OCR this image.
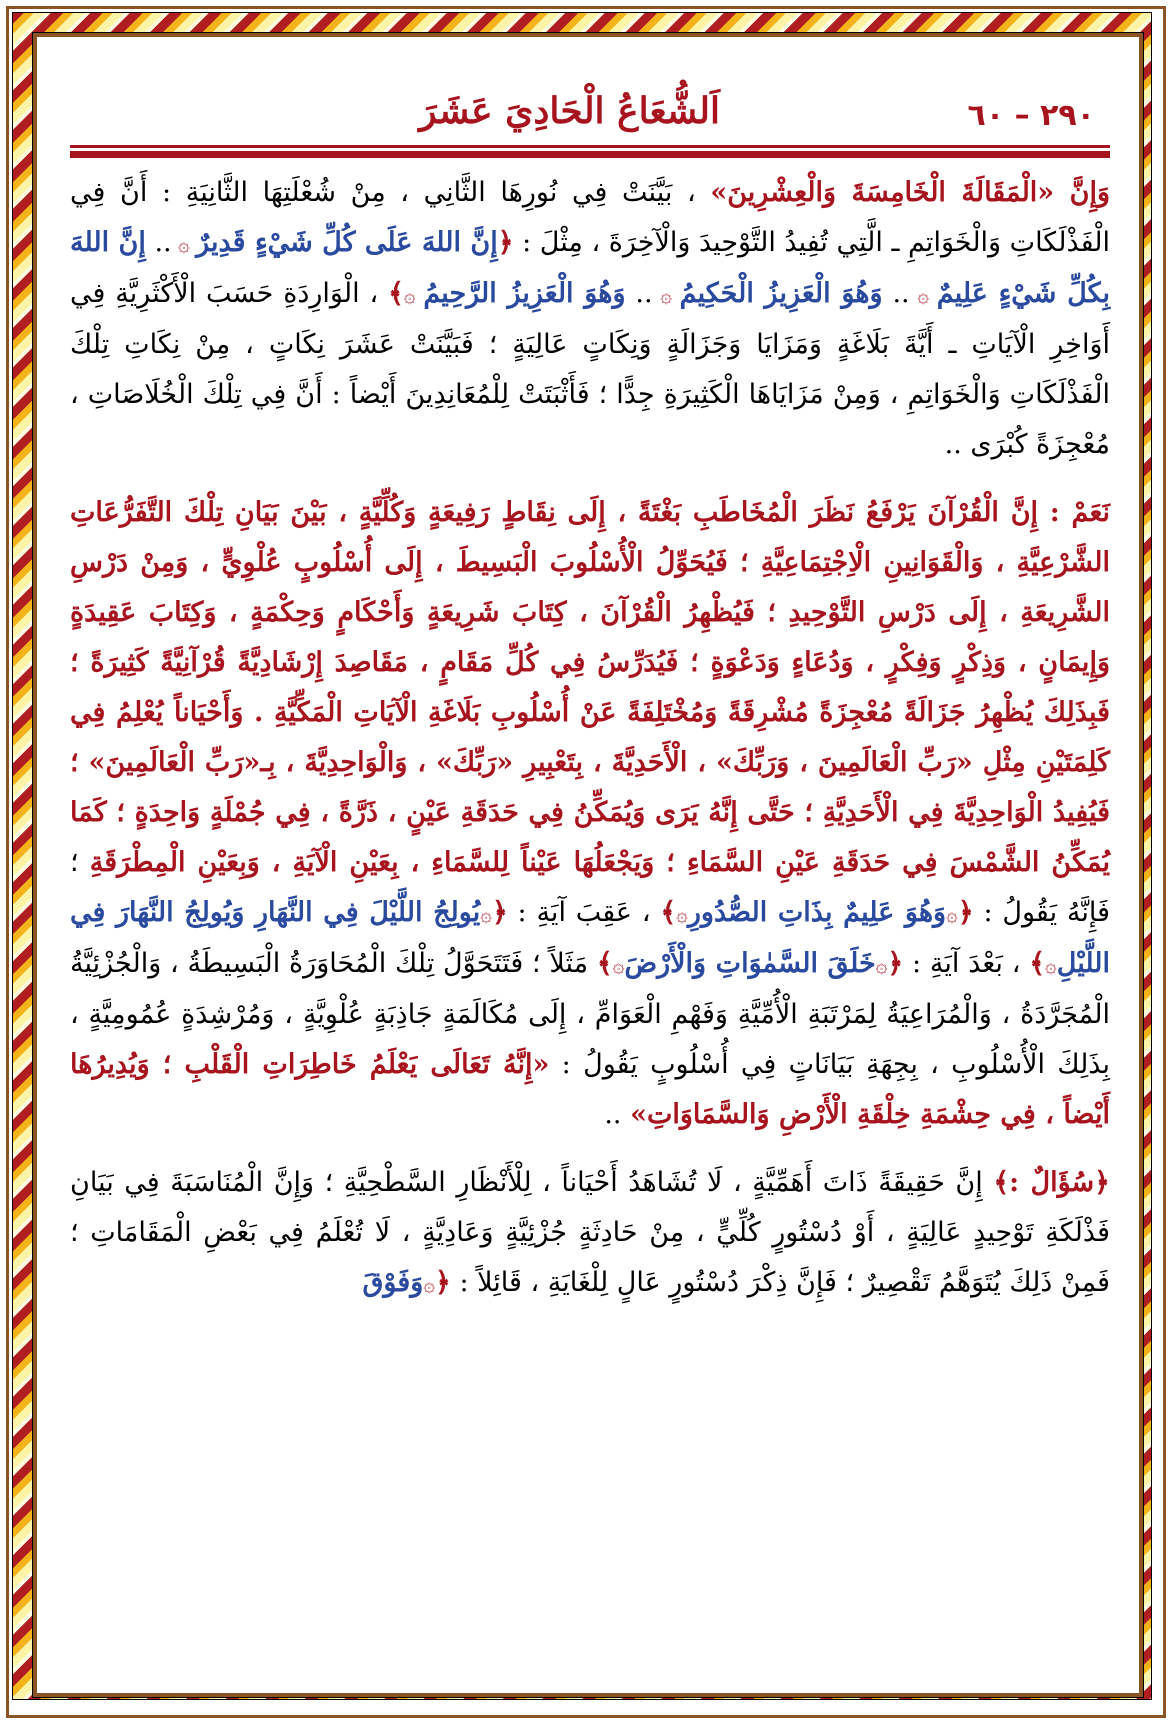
٢٩٠ – ٦٠
اَلشُّعَاعُ الْحَادِيَ عَشَرَ

وَإِنَّ «الْمَقَالَةَ الْخَامِسَةَ وَالْعِشْرِينَ» ، بَيَّنَتْ فِي نُورِهَا الثَّانِي ، مِنْ شُعْلَتِهَا الثَّانِيَةِ : أَنَّ فِي الْفَذْلَكَاتِ وَالْخَوَاتِمِ ـ الَّتِي تُفِيدُ التَّوْحِيدَ وَالْآخِرَةَ ، مِثْلَ : ﴿إِنَّ اللهَ عَلَى كُلِّ شَيْءٍ قَدِيرٌ ۞ .. إِنَّ اللهَ بِكُلِّ شَيْءٍ عَلِيمٌ ۞ .. وَهُوَ الْعَزِيزُ الْحَكِيمُ ۞ .. وَهُوَ الْعَزِيزُ الرَّحِيمُ ۞﴾ ، الْوَارِدَةِ حَسَبَ الْأَكْثَرِيَّةِ فِي أَوَاخِرِ الْآيَاتِ ـ أَيَّةَ بَلَاغَةٍ وَمَزَايَا وَجَزَالَةٍ وَنِكَاتٍ عَالِيَةٍ ؛ فَبَيَّنَتْ عَشَرَ نِكَاتٍ ، مِنْ نِكَاتِ تِلْكَ الْفَذْلَكَاتِ وَالْخَوَاتِمِ ، وَمِنْ مَزَايَاهَا الْكَثِيرَةِ جِدًّا ؛ فَأَثْبَتَتْ لِلْمُعَانِدِينَ أَيْضاً : أَنَّ فِي تِلْكَ الْخُلَاصَاتِ ، مُعْجِزَةً كُبْرَى ..

نَعَمْ : إِنَّ الْقُرْآنَ يَرْفَعُ نَظَرَ الْمُخَاطَبِ بَغْتَةً ، إِلَى نِقَاطٍ رَفِيعَةٍ وَكُلِّيَّةٍ ، بَيْنَ بَيَانِ تِلْكَ التَّفَرُّعَاتِ الشَّرْعِيَّةِ ، وَالْقَوَانِينِ الْاِجْتِمَاعِيَّةِ ؛ فَيُحَوِّلُ الْأُسْلُوبَ الْبَسِيطَ ، إِلَى أُسْلُوبٍ عُلْوِيٍّ ، وَمِنْ دَرْسِ الشَّرِيعَةِ ، إِلَى دَرْسِ التَّوْحِيدِ ؛ فَيُظْهِرُ الْقُرْآنَ ، كِتَابَ شَرِيعَةٍ وَأَحْكَامٍ وَحِكْمَةٍ ، وَكِتَابَ عَقِيدَةٍ وَإِيمَانٍ ، وَذِكْرٍ وَفِكْرٍ ، وَدُعَاءٍ وَدَعْوَةٍ ؛ فَيُدَرِّسُ فِي كُلِّ مَقَامٍ ، مَقَاصِدَ إِرْشَادِيَّةً قُرْآنِيَّةً كَثِيرَةً ؛ فَبِذَلِكَ يُظْهِرُ جَزَالَةً مُعْجِزَةً مُشْرِقَةً وَمُخْتَلِفَةً عَنْ أُسْلُوبِ بَلَاغَةِ الْآيَاتِ الْمَكِّيَّةِ . وَأَحْيَاناً يُعْلِمُ فِي كَلِمَتَيْنِ مِثْلِ «رَبِّ الْعَالَمِينَ ، وَرَبِّكَ» ، الْأَحَدِيَّةَ ، بِتَعْبِيرِ «رَبِّكَ» ، وَالْوَاحِدِيَّةَ ، بِـ«رَبِّ الْعَالَمِينَ» ؛ فَيُفِيدُ الْوَاحِدِيَّةَ فِي الْأَحَدِيَّةِ ؛ حَتَّى إِنَّهُ يَرَى وَيُمَكِّنُ فِي حَدَقَةِ عَيْنٍ ، ذَرَّةً ، فِي جُمْلَةٍ وَاحِدَةٍ ؛ كَمَا يُمَكِّنُ الشَّمْسَ فِي حَدَقَةِ عَيْنِ السَّمَاءِ ؛ وَيَجْعَلُهَا عَيْناً لِلسَّمَاءِ ، بِعَيْنِ الْآيَةِ ، وَبِعَيْنِ الْمِطْرَقَةِ ؛ فَإِنَّهُ يَقُولُ : ﴿۞وَهُوَ عَلِيمٌ بِذَاتِ الصُّدُورِ۞﴾ ، عَقِبَ آيَةِ : ﴿۞يُولِجُ اللَّيْلَ فِي النَّهَارِ وَيُولِجُ النَّهَارَ فِي اللَّيْلِ۞﴾ ، بَعْدَ آيَةِ : ﴿۞خَلَقَ السَّمٰوَاتِ وَالْأَرْضَ۞﴾ مَثَلاً ؛ فَتَتَحَوَّلُ تِلْكَ الْمُحَاوَرَةُ الْبَسِيطَةُ ، وَالْجُزْئِيَّةُ الْمُجَرَّدَةُ ، وَالْمُرَاعِيَةُ لِمَرْتَبَةِ الْأُمِّيَّةِ وَفَهْمِ الْعَوَامِّ ، إِلَى مُكَالَمَةٍ جَاذِبَةٍ عُلْوِيَّةٍ ، وَمُرْشِدَةٍ عُمُومِيَّةٍ ، بِذَلِكَ الْأُسْلُوبِ ، بِجِهَةِ بَيَانَاتٍ فِي أُسْلُوبٍ يَقُولُ : «إِنَّهُ تَعَالَى يَعْلَمُ خَاطِرَاتِ الْقَلْبِ ؛ وَيُدِيرُهَا أَيْضاً ، فِي حِشْمَةِ خِلْقَةِ الْأَرْضِ وَالسَّمَاوَاتِ» ..

﴿سُؤَالٌ :﴾ إِنَّ حَقِيقَةً ذَاتَ أَهَمِّيَّةٍ ، لَا تُشَاهَدُ أَحْيَاناً ، لِلْأَنْظَارِ السَّطْحِيَّةِ ؛ وَإِنَّ الْمُنَاسَبَةَ فِي بَيَانِ فَذْلَكَةِ تَوْحِيدٍ عَالِيَةٍ ، أَوْ دُسْتُورٍ كُلِّيٍّ ، مِنْ حَادِثَةٍ جُزْئِيَّةٍ وَعَادِيَّةٍ ، لَا تُعْلَمُ فِي بَعْضِ الْمَقَامَاتِ ؛ فَمِنْ ذَلِكَ يُتَوَهَّمُ تَقْصِيرٌ ؛ فَإِنَّ ذِكْرَ دُسْتُورٍ عَالٍ لِلْغَايَةِ ، قَائِلاً : ﴿۞وَفَوْقَ
